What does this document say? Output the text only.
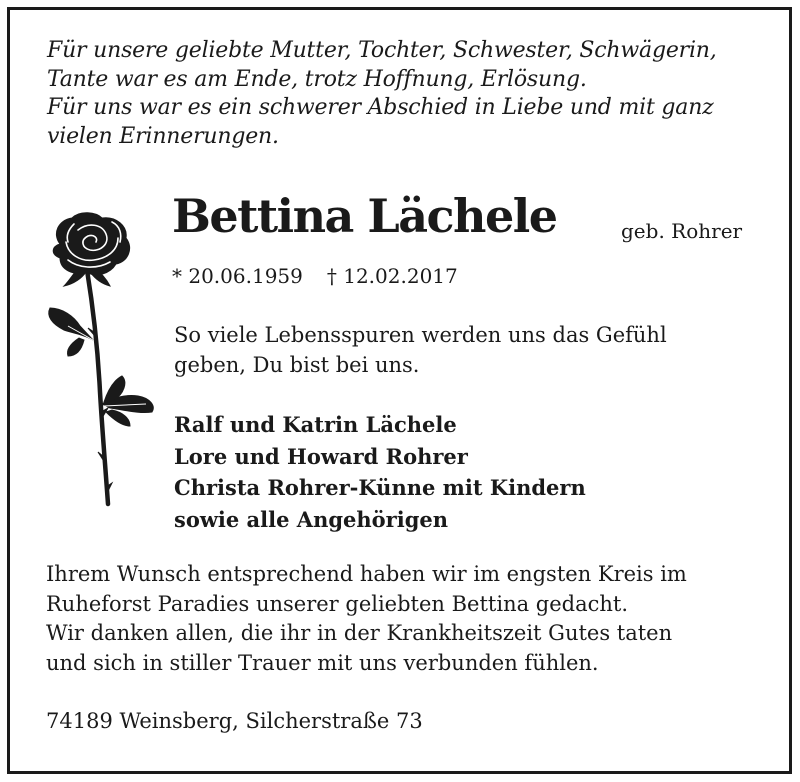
Für unsere geliebte Mutter, Tochter, Schwester, Schwägerin,
Tante war es am Ende, trotz Hoffnung, Erlösung.
Für uns war es ein schwerer Abschied in Liebe und mit ganz
vielen Erinnerungen.
Bettina Lächele	geb. Rohrer
* 20.06.1959 † 12.02.2017
So viele Lebensspuren werden uns das Gefühl
geben, Du bist bei uns.
Ralf und Katrin Lächele
Lore und Howard Rohrer
Christa Rohrer-Künne mit Kindern
sowie alle Angehörigen
Ihrem Wunsch entsprechend haben wir im engsten Kreis im
Ruheforst Paradies unserer geliebten Bettina gedacht.
Wir danken allen, die ihr in der Krankheitszeit Gutes taten
und sich in stiller Trauer mit uns verbunden fühlen.
74189 Weinsberg, Silcherstraße 73
